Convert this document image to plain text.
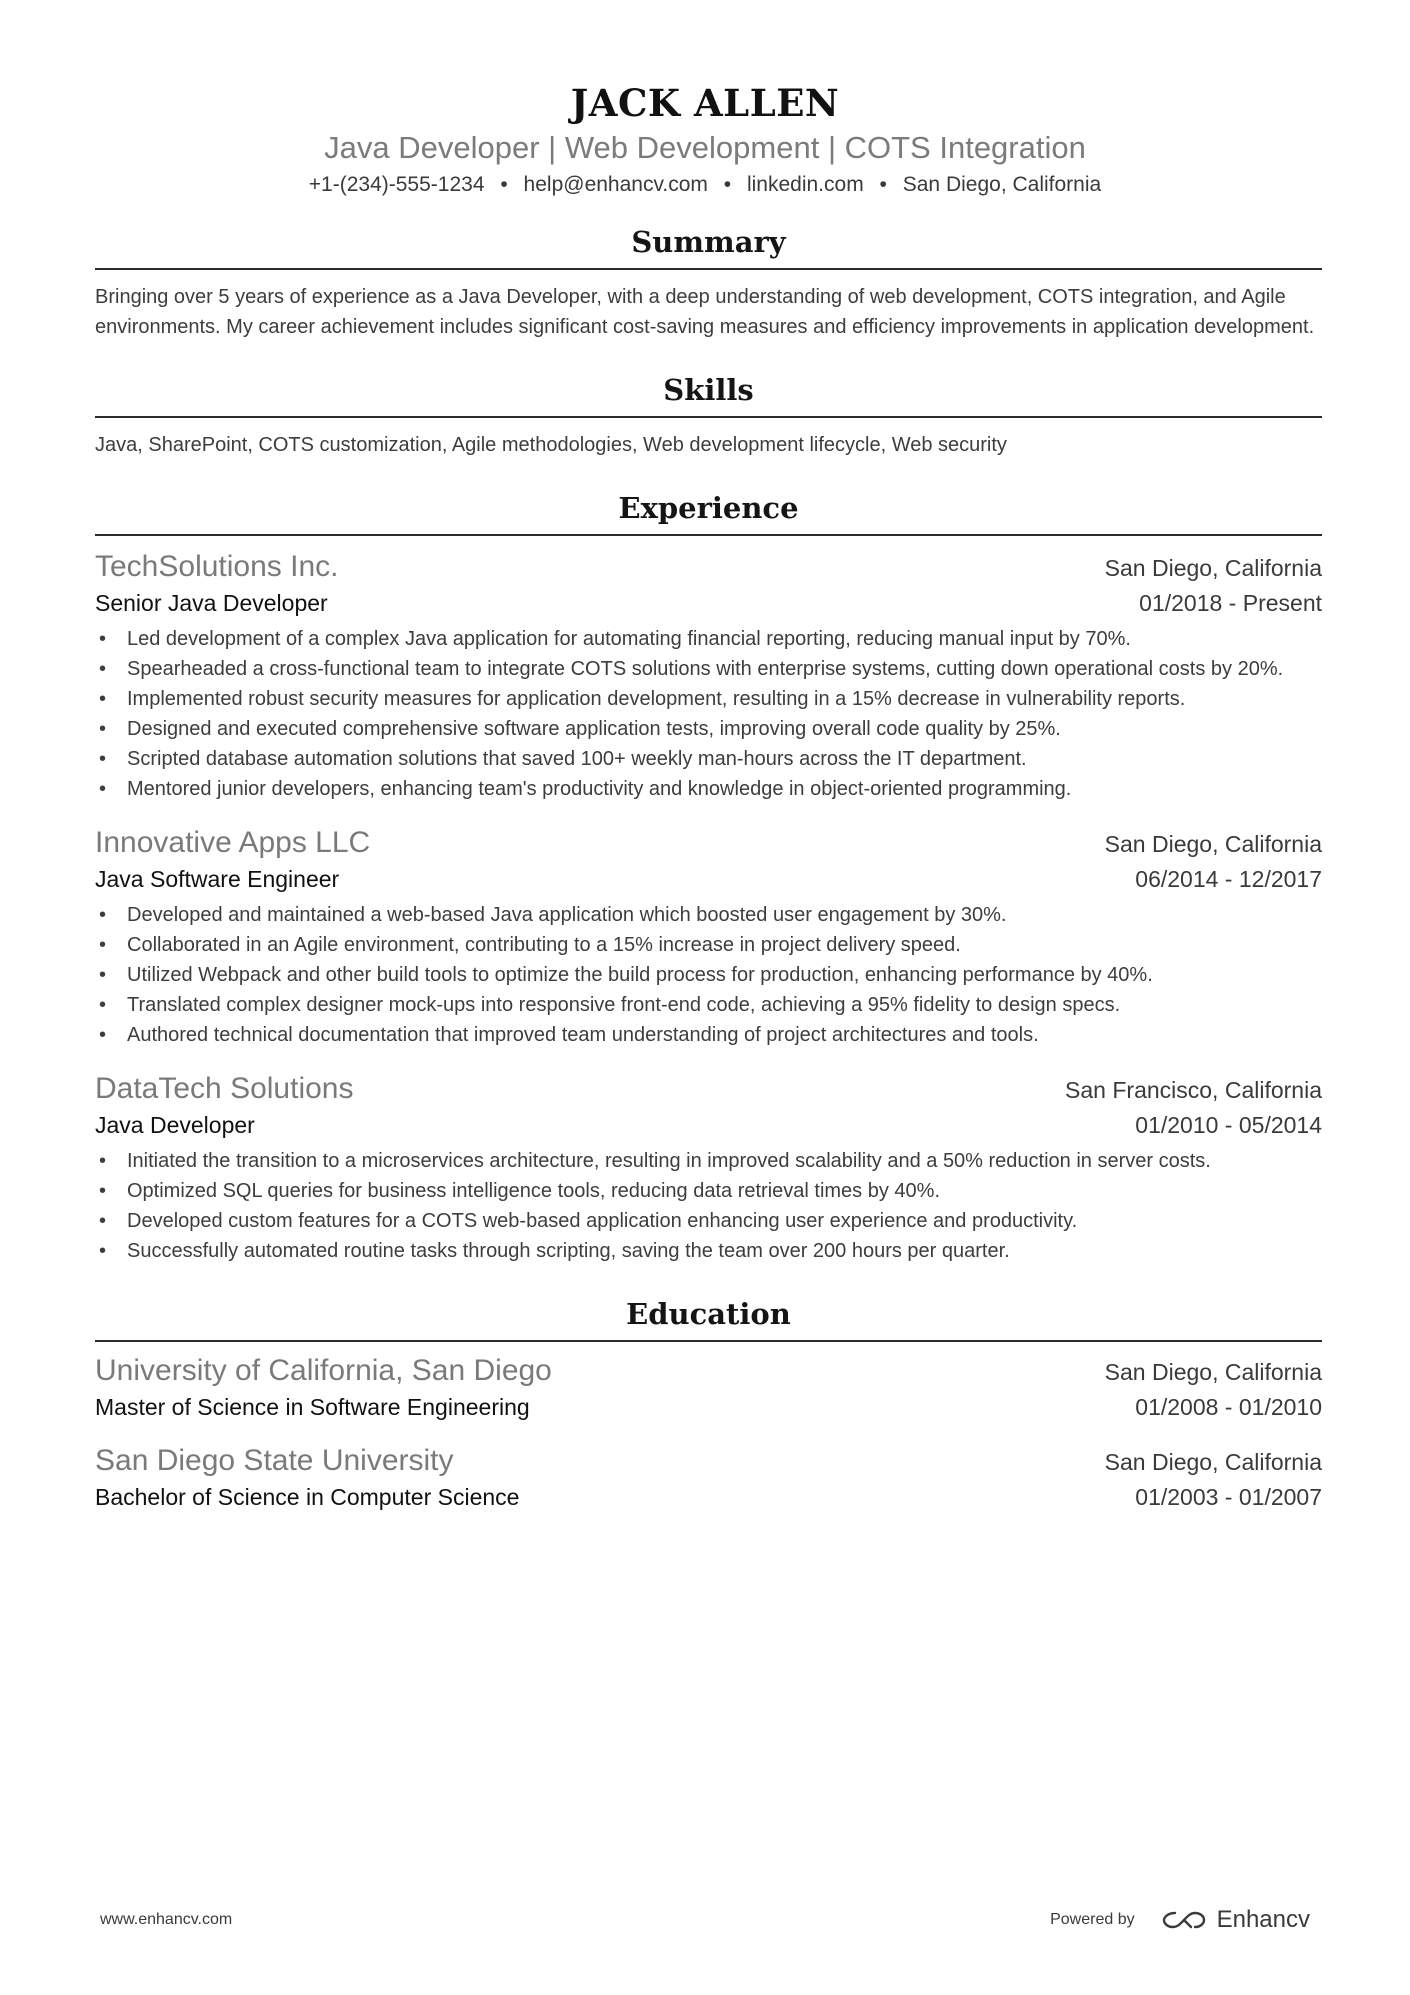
JACK ALLEN
Java Developer | Web Development | COTS Integration
+1-(234)-555-1234 • help@enhancv.com • linkedin.com • San Diego, California
Summary
Bringing over 5 years of experience as a Java Developer, with a deep understanding of web development, COTS integration, and Agile environments. My career achievement includes significant cost-saving measures and efficiency improvements in application development.
Skills
Java, SharePoint, COTS customization, Agile methodologies, Web development lifecycle, Web security
Experience
TechSolutions Inc.	San Diego, California
Senior Java Developer	01/2018 - Present
• Led development of a complex Java application for automating financial reporting, reducing manual input by 70%.
• Spearheaded a cross-functional team to integrate COTS solutions with enterprise systems, cutting down operational costs by 20%.
• Implemented robust security measures for application development, resulting in a 15% decrease in vulnerability reports.
• Designed and executed comprehensive software application tests, improving overall code quality by 25%.
• Scripted database automation solutions that saved 100+ weekly man-hours across the IT department.
• Mentored junior developers, enhancing team's productivity and knowledge in object-oriented programming.
Innovative Apps LLC	San Diego, California
Java Software Engineer	06/2014 - 12/2017
• Developed and maintained a web-based Java application which boosted user engagement by 30%.
• Collaborated in an Agile environment, contributing to a 15% increase in project delivery speed.
• Utilized Webpack and other build tools to optimize the build process for production, enhancing performance by 40%.
• Translated complex designer mock-ups into responsive front-end code, achieving a 95% fidelity to design specs.
• Authored technical documentation that improved team understanding of project architectures and tools.
DataTech Solutions	San Francisco, California
Java Developer	01/2010 - 05/2014
• Initiated the transition to a microservices architecture, resulting in improved scalability and a 50% reduction in server costs.
• Optimized SQL queries for business intelligence tools, reducing data retrieval times by 40%.
• Developed custom features for a COTS web-based application enhancing user experience and productivity.
• Successfully automated routine tasks through scripting, saving the team over 200 hours per quarter.
Education
University of California, San Diego	San Diego, California
Master of Science in Software Engineering	01/2008 - 01/2010
San Diego State University	San Diego, California
Bachelor of Science in Computer Science	01/2003 - 01/2007
www.enhancv.com	Powered by	Enhancv
